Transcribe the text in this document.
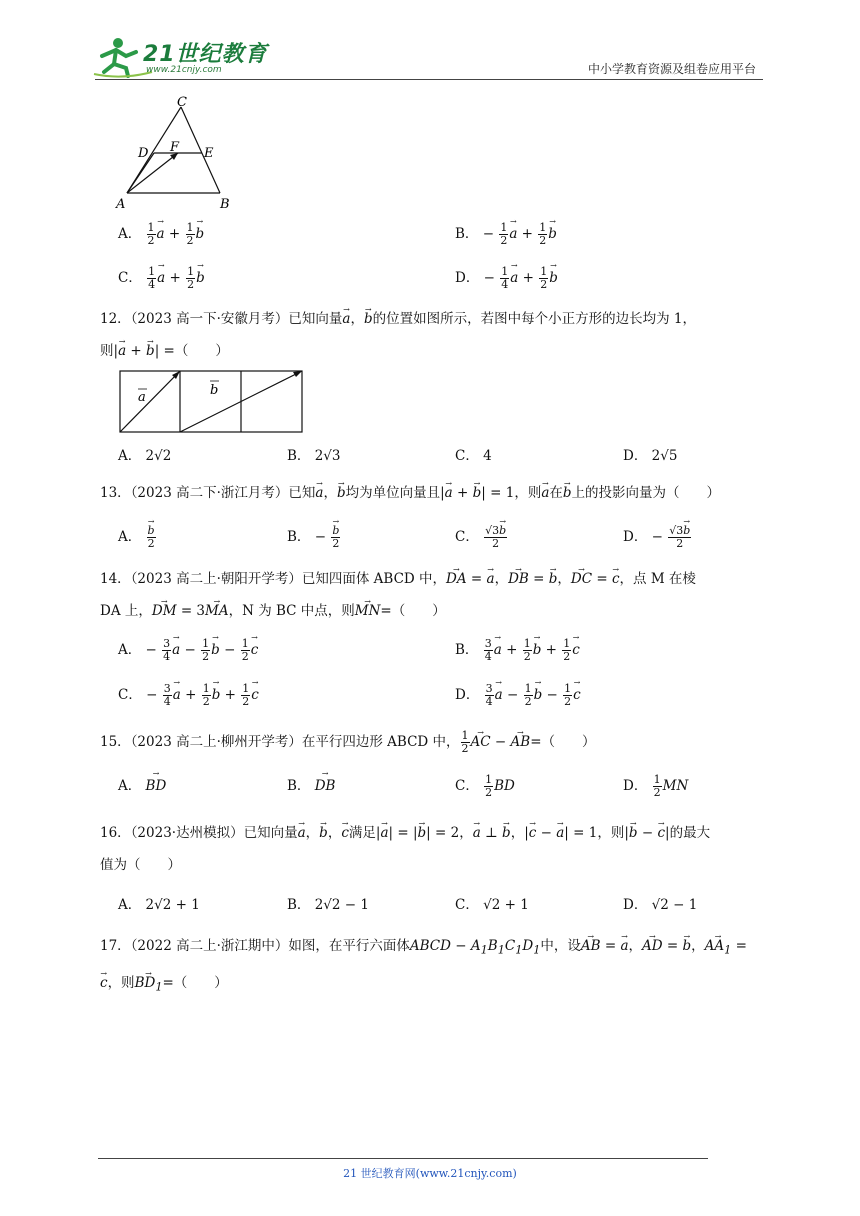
21世纪教育
www.21cnjy.com	中小学教育资源及组卷应用平台
C
D F E
A	B
A． $\frac{1}{2}$
→ $a + \frac{1}{2}$
→ b	B． − $\frac{1}{2}$
→ $a + \frac{1}{2}$
→ b
C． $\frac{1}{4}$
→ $a + \frac{1}{2}$
→ b	D． − $\frac{1}{4}$
→ $a + \frac{1}{2}$
→ b
12．（2023 高一下·安徽月考）已知向量→ a，→ b的位置如图所示，若图中每个小正方形的边长均为 1，
则|→ a + → b| =（　　）
a	b
A． 2√2	B． 2√3	C． 4	D． 2√5
13．（2023 高二下·浙江月考）已知→ a，→ b均为单位向量且|→ a + → b| = 1，则→ a在→ b上的投影向量为（　　）
A．
→ $\frac{b}{2}$	B． −
→ $\frac{b}{2}$	C． $\frac{√3\to b}{2}$	D． − $\frac{√3\to b}{2}$
14．（2023 高二上·朝阳开学考）已知四面体 ABCD 中，→ DA = → a，→ DB = → b，→ DC = → c，点 M 在棱
DA 上，→ DM = 3→ MA，N 为 BC 中点，则→ MN=（　　）
A． − $\frac{3}{4}$
→ $a - \frac{1}{2}$
→ $b - \frac{1}{2}$
→ c	B． $\frac{3}{4}$
→ $a + \frac{1}{2}$
→ $b + \frac{1}{2}$
→ c
C． − $\frac{3}{4}$
→ $a + \frac{1}{2}$
→ $b + \frac{1}{2}$
→ c	D． $\frac{3}{4}$
→ $a - \frac{1}{2}$
→ $b - \frac{1}{2}$
→ c
15．（2023 高二上·柳州开学考）在平行四边形 ABCD 中， $\frac{1}{2}$
→ AC − → AB=（　　）
A． → BD	B． → DB	C． $\frac{1}{2}$ BD	D． $\frac{1}{2}$ MN
16．（2023·达州模拟）已知向量→ a，→ b，→ c满足|→ a| = |→ b| = 2，→ a ⊥ → b，|→ c − → a| = 1，则|→ b − → c|的最大
值为（　　）
A． 2√2 + 1	B． 2√2 − 1	C． √2 + 1	D． √2 − 1
17．（2022 高二上·浙江期中）如图，在平行六面体ABCD − $A_1B_1C_1D_1$中，设→ AB = → a，→ AD = → b，→ $AA_1$ =
→ c，则→ $BD_1=$（　　）
21 世纪教育网(www.21cnjy.com)
